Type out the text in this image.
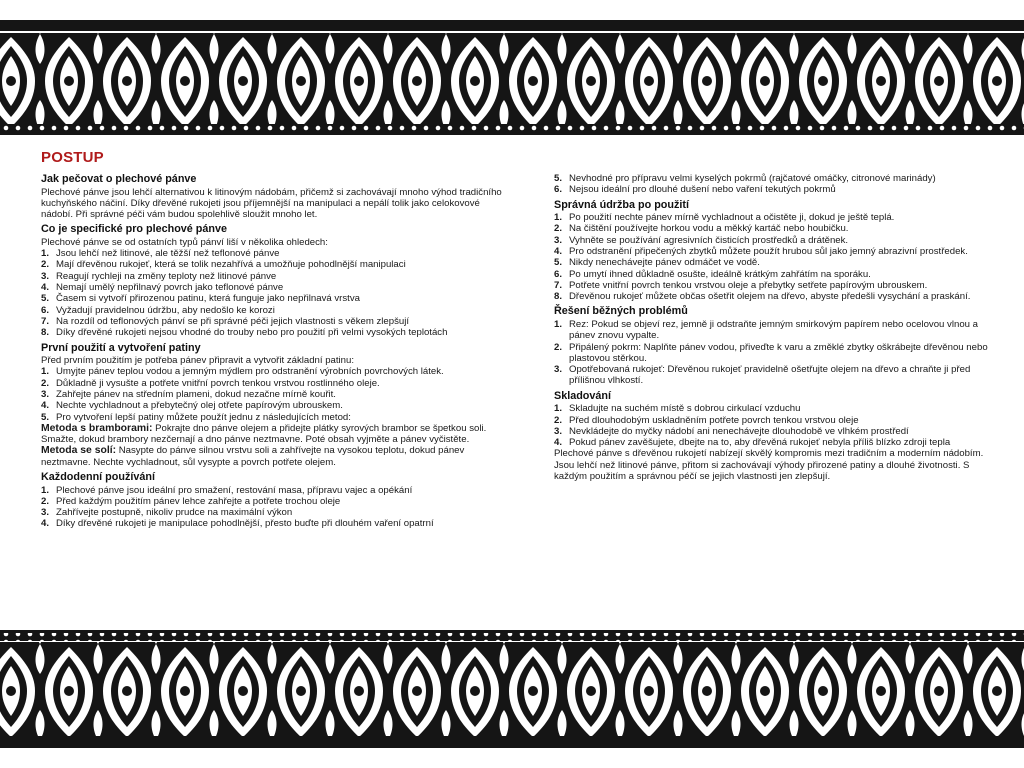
POSTUP
Jak pečovat o plechové pánve

Plechové pánve jsou lehčí alternativou k litinovým nádobám, přičemž si zachovávají mnoho výhod tradičního kuchyňského náčiní. Díky dřevěné rukojeti jsou příjemnější na manipulaci a nepálí tolik jako celokovové nádobí. Při správné péči vám budou spolehlivě sloužit mnoho let.

Co je specifické pro plechové pánve

Plechové pánve se od ostatních typů pánví liší v několika ohledech:

1. Jsou lehčí než litinové, ale těžší než teflonové pánve
2. Mají dřevěnou rukojeť, která se tolik nezahřívá a umožňuje pohodlnější manipulaci
3. Reagují rychleji na změny teploty než litinové pánve
4. Nemají umělý nepřilnavý povrch jako teflonové pánve
5. Časem si vytvoří přirozenou patinu, která funguje jako nepřilnavá vrstva
6. Vyžadují pravidelnou údržbu, aby nedošlo ke korozi
7. Na rozdíl od teflonových pánví se při správné péči jejich vlastnosti s věkem zlepšují
8. Díky dřevěné rukojeti nejsou vhodné do trouby nebo pro použití při velmi vysokých teplotách
První použití a vytvoření patiny

Před prvním použitím je potřeba pánev připravit a vytvořit základní patinu:

1. Umyjte pánev teplou vodou a jemným mýdlem pro odstranění výrobních povrchových látek.
2. Důkladně ji vysušte a potřete vnitřní povrch tenkou vrstvou rostlinného oleje.
3. Zahřejte pánev na středním plameni, dokud nezačne mírně kouřit.
4. Nechte vychladnout a přebytečný olej otřete papírovým ubrouskem.
5. Pro vytvoření lepší patiny můžete použít jednu z následujících metod:

Metoda s bramborami: Pokrajte dno pánve olejem a přidejte plátky syrových brambor se špetkou soli. Smažte, dokud brambory nezčernají a dno pánve neztmavne. Poté obsah vyjměte a pánev vyčistěte.

Metoda se solí: Nasypte do pánve silnou vrstvu soli a zahřívejte na vysokou teplotu, dokud pánev neztmavne. Nechte vychladnout, sůl vysypte a povrch potřete olejem.

Každodenní používání
1. Plechové pánve jsou ideální pro smažení, restování masa, přípravu vajec a opékání
2. Před každým použitím pánev lehce zahřejte a potřete trochou oleje
3. Zahřívejte postupně, nikoliv prudce na maximální výkon
4. Díky dřevěné rukojeti je manipulace pohodlnější, přesto buďte při dlouhém vaření opatrní
5. Nevhodné pro přípravu velmi kyselých pokrmů (rajčatové omáčky, citronové marinády)
6. Nejsou ideální pro dlouhé dušení nebo vaření tekutých pokrmů
Správná údržba po použití
1. Po použití nechte pánev mírně vychladnout a očistěte ji, dokud je ještě teplá.
2. Na čištění používejte horkou vodu a měkký kartáč nebo houbičku.
3. Vyhněte se používání agresivních čisticích prostředků a drátěnek.
4. Pro odstranění připečených zbytků můžete použít hrubou sůl jako jemný abrazivní prostředek.
5. Nikdy nenechávejte pánev odmáčet ve vodě.
6. Po umytí ihned důkladně osušte, ideálně krátkým zahřátím na sporáku.
7. Potřete vnitřní povrch tenkou vrstvou oleje a přebytky setřete papírovým ubrouskem.
8. Dřevěnou rukojeť můžete občas ošetřit olejem na dřevo, abyste předešli vysychání a praskání.
Řešení běžných problémů
1. Rez: Pokud se objeví rez, jemně ji odstraňte jemným smirkovým papírem nebo ocelovou vlnou a pánev znovu vypalte.
2. Připálený pokrm: Naplňte pánev vodou, přiveďte k varu a změklé zbytky oškrábejte dřevěnou nebo plastovou stěrkou.
3. Opotřebovaná rukojeť: Dřevěnou rukojeť pravidelně ošetřujte olejem na dřevo a chraňte ji před přílišnou vlhkostí.
Skladování
1. Skladujte na suchém místě s dobrou cirkulací vzduchu
2. Před dlouhodobým uskladněním potřete povrch tenkou vrstvou oleje
3. Nevkládejte do myčky nádobí ani nenechávejte dlouhodobě ve vlhkém prostředí
4. Pokud pánev zavěšujete, dbejte na to, aby dřevěná rukojeť nebyla příliš blízko zdroji tepla

Plechové pánve s dřevěnou rukojetí nabízejí skvělý kompromis mezi tradičním a moderním nádobím. Jsou lehčí než litinové pánve, přitom si zachovávají výhody přirozené patiny a dlouhé životnosti. S každým použitím a správnou péčí se jejich vlastnosti jen zlepšují.
